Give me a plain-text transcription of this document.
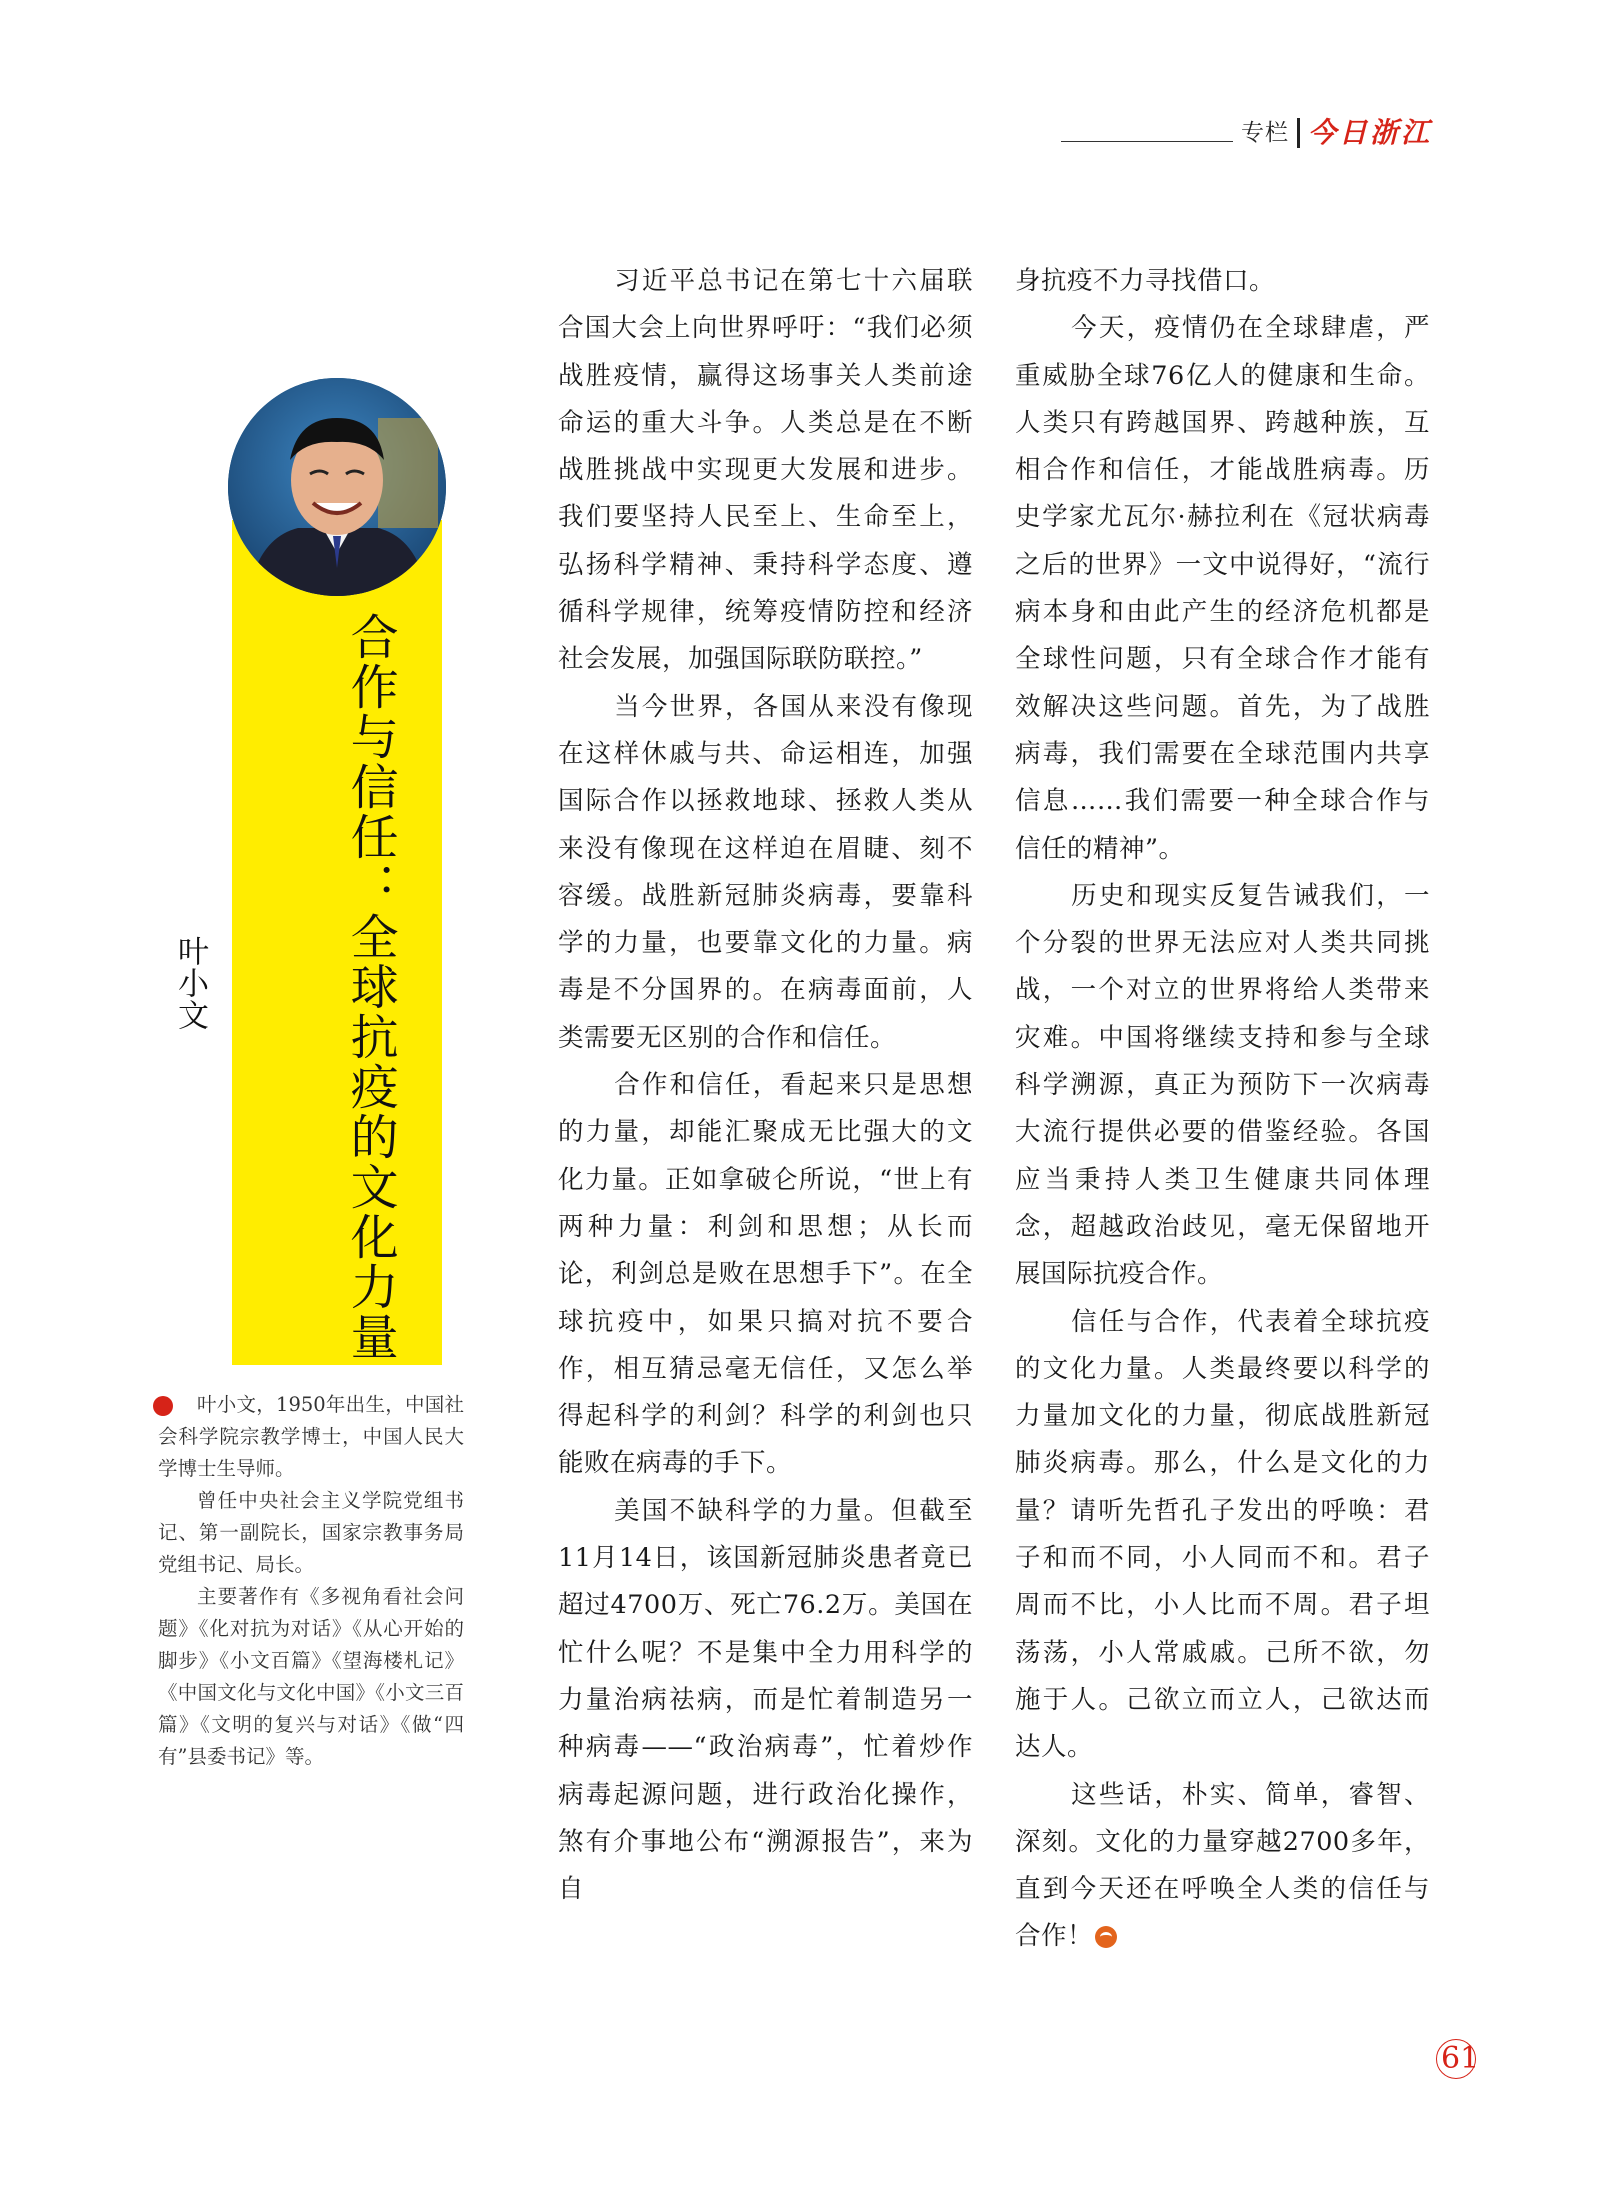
专栏 今日浙江
合作与信任：全球抗疫的文化力量
叶小文

叶小文，1950年出生，中国社会科学院宗教学博士，中国人民大学博士生导师。

曾任中央社会主义学院党组书记、第一副院长，国家宗教事务局党组书记、局长。

主要著作有《多视角看社会问题》《化对抗为对话》《从心开始的脚步》《小文百篇》《望海楼札记》《中国文化与文化中国》《小文三百篇》《文明的复兴与对话》《做“四有”县委书记》等。

习近平总书记在第七十六届联合国大会上向世界呼吁：“我们必须战胜疫情，赢得这场事关人类前途命运的重大斗争。人类总是在不断战胜挑战中实现更大发展和进步。我们要坚持人民至上、生命至上，弘扬科学精神、秉持科学态度、遵循科学规律，统筹疫情防控和经济社会发展，加强国际联防联控。”

当今世界，各国从来没有像现在这样休戚与共、命运相连，加强国际合作以拯救地球、拯救人类从来没有像现在这样迫在眉睫、刻不容缓。战胜新冠肺炎病毒，要靠科学的力量，也要靠文化的力量。病毒是不分国界的。在病毒面前，人类需要无区别的合作和信任。

合作和信任，看起来只是思想的力量，却能汇聚成无比强大的文化力量。正如拿破仑所说，“世上有两种力量：利剑和思想；从长而论，利剑总是败在思想手下”。在全球抗疫中，如果只搞对抗不要合作，相互猜忌毫无信任，又怎么举得起科学的利剑？科学的利剑也只能败在病毒的手下。

美国不缺科学的力量。但截至11月14日，该国新冠肺炎患者竟已超过4700万、死亡76.2万。美国在忙什么呢？不是集中全力用科学的力量治病祛病，而是忙着制造另一种病毒——“政治病毒”，忙着炒作病毒起源问题，进行政治化操作，煞有介事地公布“溯源报告”，来为自

身抗疫不力寻找借口。

今天，疫情仍在全球肆虐，严重威胁全球76亿人的健康和生命。人类只有跨越国界、跨越种族，互相合作和信任，才能战胜病毒。历史学家尤瓦尔·赫拉利在《冠状病毒之后的世界》一文中说得好，“流行病本身和由此产生的经济危机都是全球性问题，只有全球合作才能有效解决这些问题。首先，为了战胜病毒，我们需要在全球范围内共享信息……我们需要一种全球合作与信任的精神”。

历史和现实反复告诫我们，一个分裂的世界无法应对人类共同挑战，一个对立的世界将给人类带来灾难。中国将继续支持和参与全球科学溯源，真正为预防下一次病毒大流行提供必要的借鉴经验。各国应当秉持人类卫生健康共同体理念，超越政治歧见，毫无保留地开展国际抗疫合作。

信任与合作，代表着全球抗疫的文化力量。人类最终要以科学的力量加文化的力量，彻底战胜新冠肺炎病毒。那么，什么是文化的力量？请听先哲孔子发出的呼唤：君子和而不同，小人同而不和。君子周而不比，小人比而不周。君子坦荡荡，小人常戚戚。己所不欲，勿施于人。己欲立而立人，己欲达而达人。

这些话，朴实、简单，睿智、深刻。文化的力量穿越2700多年，直到今天还在呼唤全人类的信任与合作！

61
